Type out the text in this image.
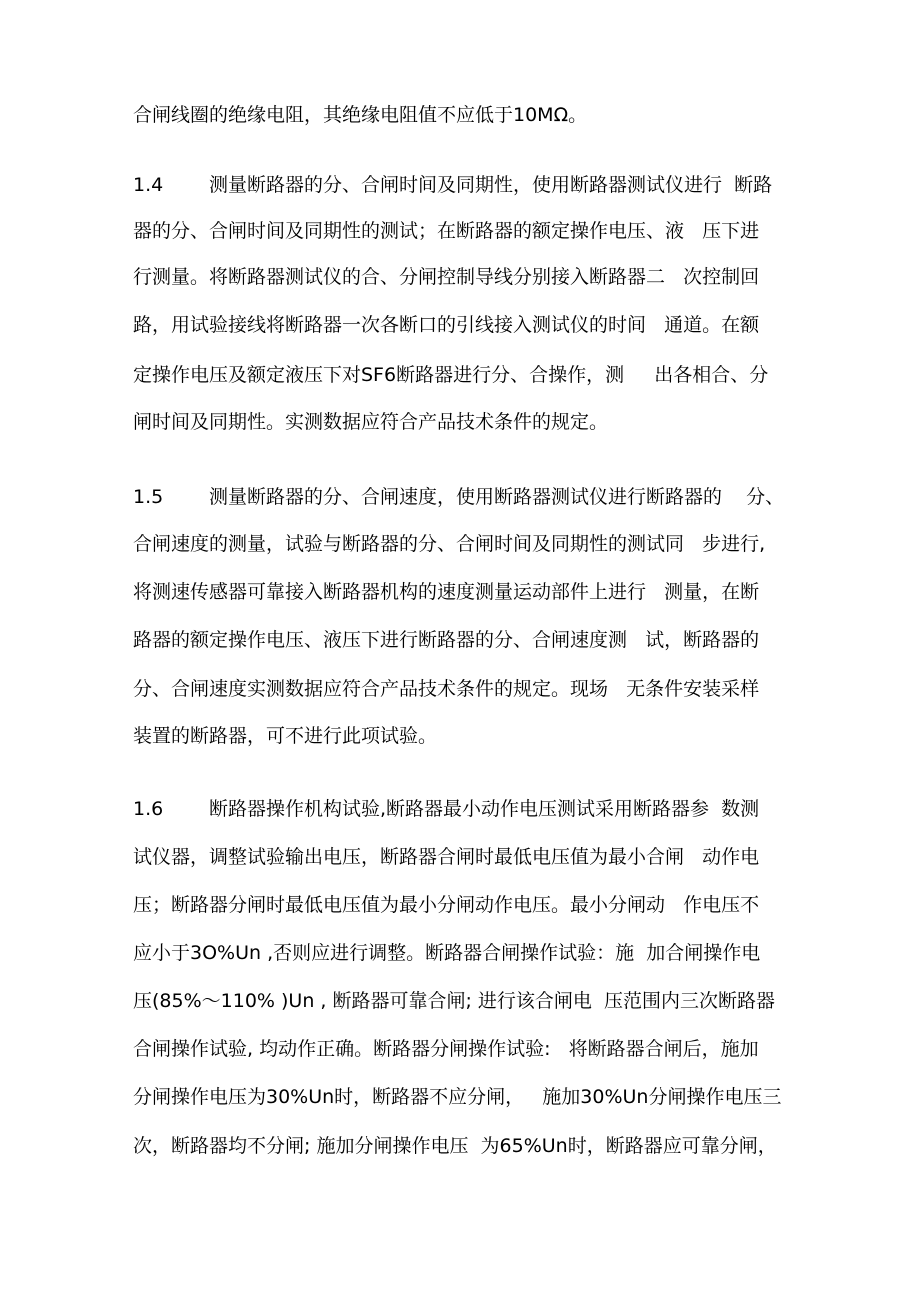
合闸线圈的绝缘电阻，其绝缘电阻值不应低于10MΩ。
1.4 测量断路器的分、合闸时间及同期性，使用断路器测试仪进行  断路
器的分、合闸时间及同期性的测试；在断路器的额定操作电压、液   压下进
行测量。将断路器测试仪的合、分闸控制导线分别接入断路器二   次控制回
路，用试验接线将断路器一次各断口的引线接入测试仪的时间   通道。在额
定操作电压及额定液压下对SF6断路器进行分、合操作，测     出各相合、分
闸时间及同期性。实测数据应符合产品技术条件的规定。
1.5 测量断路器的分、合闸速度，使用断路器测试仪进行断路器的    分、
合闸速度的测量，试验与断路器的分、合闸时间及同期性的测试同   步进行,
将测速传感器可靠接入断路器机构的速度测量运动部件上进行   测量，在断
路器的额定操作电压、液压下进行断路器的分、合闸速度测   试，断路器的
分、合闸速度实测数据应符合产品技术条件的规定。现场   无条件安装采样
装置的断路器，可不进行此项试验。
1.6 断路器操作机构试验,断路器最小动作电压测试采用断路器参  数测
试仪器，调整试验输出电压，断路器合闸时最低电压值为最小合闸   动作电
压；断路器分闸时最低电压值为最小分闸动作电压。最小分闸动   作电压不
应小于3O%Un ,否则应进行调整。断路器合闸操作试验：施  加合闸操作电
压(85%～110% )Un , 断路器可靠合闸; 进行该合闸电  压范围内三次断路器
合闸操作试验, 均动作正确。断路器分闸操作试验:   将断路器合闸后，施加
分闸操作电压为30%Un时，断路器不应分闸，   施加30%Un分闸操作电压三
次，断路器均不分闸; 施加分闸操作电压  为65%Un时，断路器应可靠分闸，
